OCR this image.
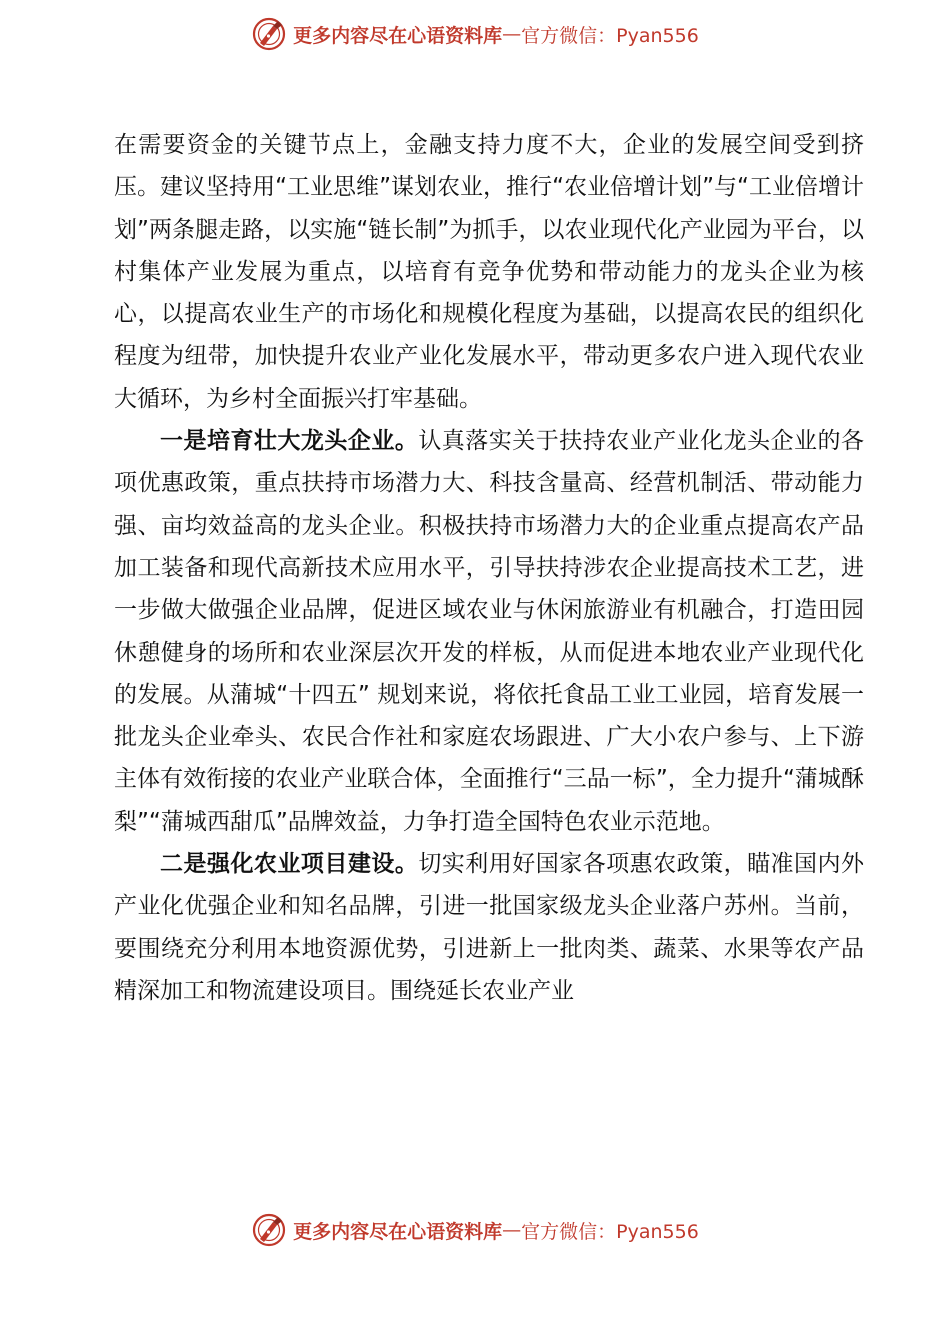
更多内容尽在心语资料库 — 官方微信：Pyan556

在需要资金的关键节点上，金融支持力度不大，企业的发展空间受到挤压。建议坚持用“工业思维”谋划农业，推行“农业倍增计划”与“工业倍增计划”两条腿走路，以实施“链长制”为抓手，以农业现代化产业园为平台，以村集体产业发展为重点，以培育有竞争优势和带动能力的龙头企业为核心，以提高农业生产的市场化和规模化程度为基础，以提高农民的组织化程度为纽带，加快提升农业产业化发展水平，带动更多农户进入现代农业大循环，为乡村全面振兴打牢基础。

一是培育壮大龙头企业。认真落实关于扶持农业产业化龙头企业的各项优惠政策，重点扶持市场潜力大、科技含量高、经营机制活、带动能力强、亩均效益高的龙头企业。积极扶持市场潜力大的企业重点提高农产品加工装备和现代高新技术应用水平，引导扶持涉农企业提高技术工艺，进一步做大做强企业品牌，促进区域农业与休闲旅游业有机融合，打造田园休憩健身的场所和农业深层次开发的样板，从而促进本地农业产业现代化的发展。从蒲城“十四五” 规划来说，将依托食品工业工业园，培育发展一批龙头企业牵头、农民合作社和家庭农场跟进、广大小农户参与、上下游主体有效衔接的农业产业联合体，全面推行“三品一标”，全力提升“蒲城酥梨”“蒲城西甜瓜”品牌效益，力争打造全国特色农业示范地。

二是强化农业项目建设。切实利用好国家各项惠农政策，瞄准国内外产业化优强企业和知名品牌，引进一批国家级龙头企业落户苏州。当前，要围绕充分利用本地资源优势，引进新上一批肉类、蔬菜、水果等农产品精深加工和物流建设项目。围绕延长农业产业

更多内容尽在心语资料库 — 官方微信：Pyan556
